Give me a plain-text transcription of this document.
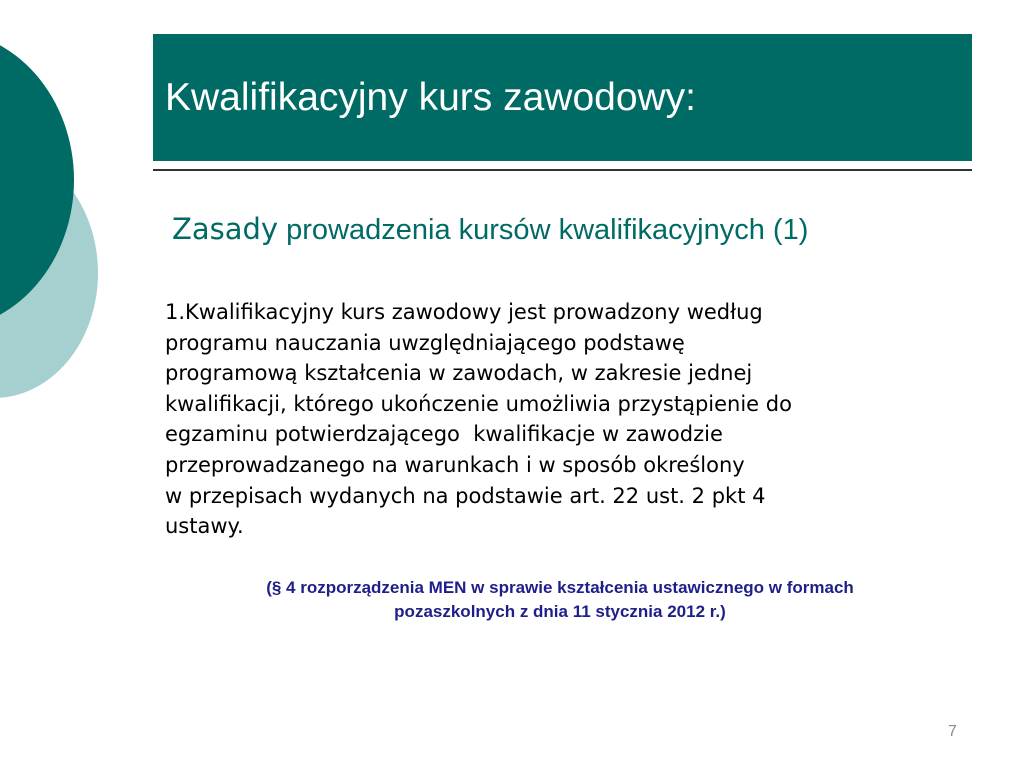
Kwalifikacyjny kurs zawodowy:
Zasady prowadzenia kursów kwalifikacyjnych (1)
1.Kwalifikacyjny kurs zawodowy jest prowadzony według
programu nauczania uwzględniającego podstawę
programową kształcenia w zawodach, w zakresie jednej
kwalifikacji, którego ukończenie umożliwia przystąpienie do
egzaminu potwierdzającego  kwalifikacje w zawodzie
przeprowadzanego na warunkach i w sposób określony
w przepisach wydanych na podstawie art. 22 ust. 2 pkt 4
ustawy.
(§ 4 rozporządzenia MEN w sprawie kształcenia ustawicznego w formach
pozaszkolnych z dnia 11 stycznia 2012 r.)
7
